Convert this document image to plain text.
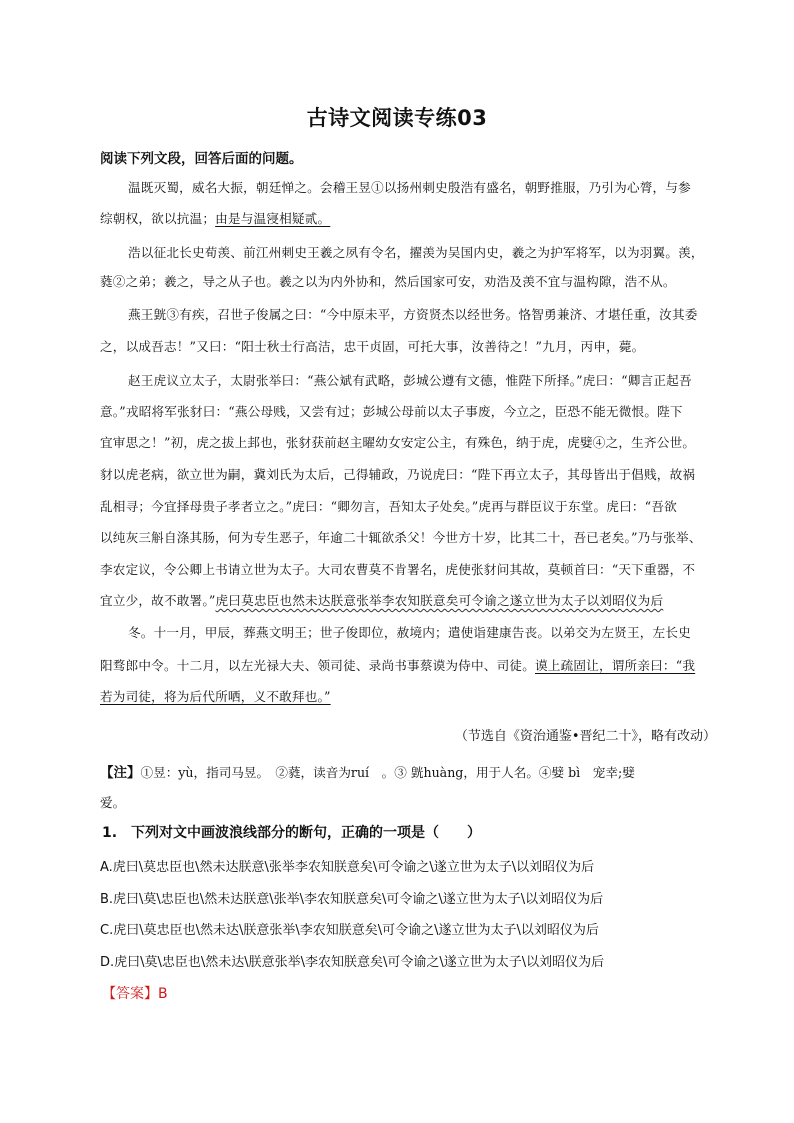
古诗文阅读专练03
阅读下列文段，回答后面的问题。
温既灭蜀，威名大振，朝廷惮之。会稽王昱①以扬州刺史殷浩有盛名，朝野推服，乃引为心膂，与参
综朝权，欲以抗温；由是与温寖相疑贰。
浩以征北长史荀羡、前江州刺史王羲之夙有令名，擢羡为吴国内史，羲之为护军将军，以为羽翼。羡，
蕤②之弟；羲之，导之从子也。羲之以为内外协和，然后国家可安，劝浩及羡不宜与温构隙，浩不从。
燕王皝③有疾，召世子俊属之曰：“今中原未平，方资贤杰以经世务。恪智勇兼济、才堪任重，汝其委
之，以成吾志！”又曰：“阳士秋士行高洁，忠干贞固，可托大事，汝善待之！”九月，丙申，薨。
赵王虎议立太子，太尉张举曰：“燕公斌有武略，彭城公遵有文德，惟陛下所择。”虎曰：“卿言正起吾
意。”戎昭将军张豺曰：“燕公母贱，又尝有过；彭城公母前以太子事废，今立之，臣恐不能无微恨。陛下
宜审思之！”初，虎之拔上邽也，张豺获前赵主曜幼女安定公主，有殊色，纳于虎，虎嬖④之，生齐公世。
豺以虎老病，欲立世为嗣，冀刘氏为太后，己得辅政，乃说虎曰：“陛下再立太子，其母皆出于倡贱，故祸
乱相寻；今宜择母贵子孝者立之。”虎曰：“卿勿言，吾知太子处矣。”虎再与群臣议于东堂。虎曰：“吾欲
以纯灰三斛自涤其肠，何为专生恶子，年逾二十辄欲杀父！今世方十岁，比其二十，吾已老矣。”乃与张举、
李农定议，令公卿上书请立世为太子。大司农曹莫不肯署名，虎使张豺问其故，莫顿首曰：“天下重器，不
宜立少，故不敢署。”虎曰莫忠臣也然未达朕意张举李农知朕意矣可令谕之遂立世为太子以刘昭仪为后
冬。十一月，甲辰，葬燕文明王；世子俊即位，赦境内；遣使诣建康告丧。以弟交为左贤王，左长史
阳骛郎中令。十二月，以左光禄大夫、领司徒、录尚书事蔡谟为侍中、司徒。谟上疏固让，谓所亲曰：“我
若为司徒，将为后代所哂，义不敢拜也。”
（节选自《资治通鉴•晋纪二十》，略有改动）
【注】①昱：yù，指司马昱。　②蕤，读音为ruí　。③ 皝huàng，用于人名。④嬖 bì　宠幸;嬖
爱。
1.　下列对文中画波浪线部分的断句，正确的一项是（　　）
A.虎曰\莫忠臣也\然未达朕意\张举李农知朕意矣\可令谕之\遂立世为太子\以刘昭仪为后
B.虎曰\莫\忠臣也\然未达朕意\张举\李农知朕意矣\可令谕之\遂立世为太子\以刘昭仪为后
C.虎曰\莫忠臣也\然未达\朕意张举\李农知朕意矣\可令谕之\遂立世为太子\以刘昭仪为后
D.虎曰\莫\忠臣也\然未达\朕意张举\李农知朕意矣\可令谕之\遂立世为太子\以刘昭仪为后
【答案】B
